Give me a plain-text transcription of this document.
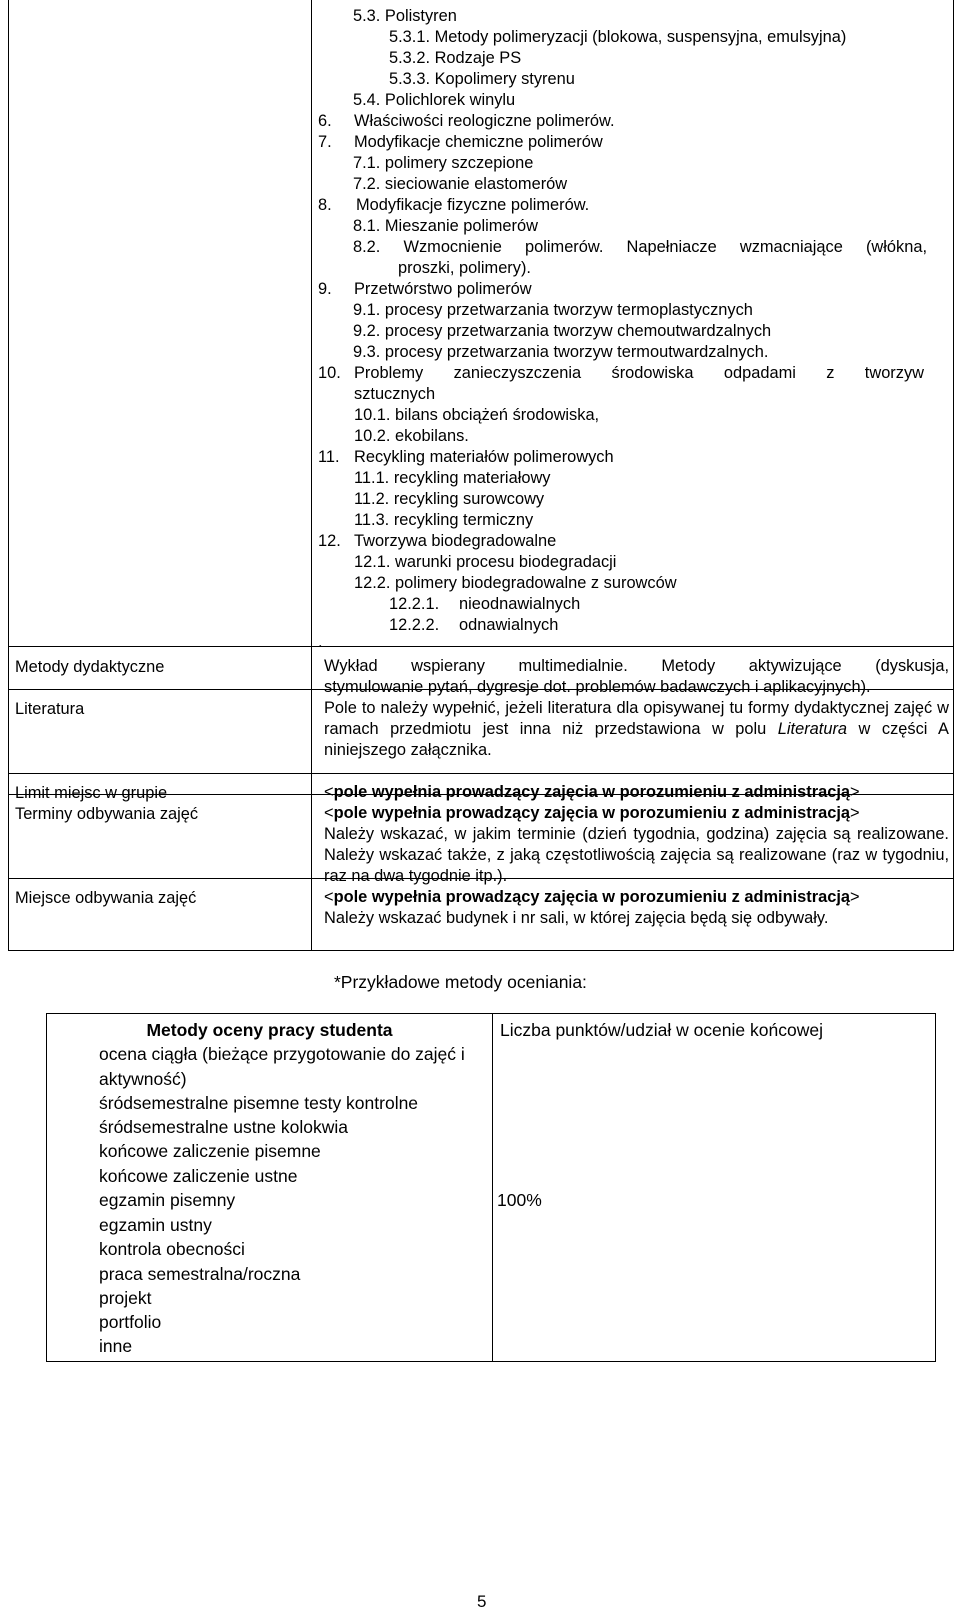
5.3. Polistyren
5.3.1. Metody polimeryzacji (blokowa, suspensyjna, emulsyjna)
5.3.2. Rodzaje PS
5.3.3. Kopolimery styrenu
5.4. Polichlorek winylu
6. Właściwości reologiczne polimerów.
7. Modyfikacje chemiczne polimerów
7.1. polimery szczepione
7.2. sieciowanie elastomerów
8. Modyfikacje fizyczne polimerów.
8.1. Mieszanie polimerów
8.2. Wzmocnienie polimerów. Napełniacze wzmacniające (włókna,
proszki, polimery).
9. Przetwórstwo polimerów
9.1. procesy przetwarzania tworzyw termoplastycznych
9.2. procesy przetwarzania tworzyw chemoutwardzalnych
9.3. procesy przetwarzania tworzyw termoutwardzalnych.
10. Problemy zanieczyszczenia środowiska odpadami z tworzyw
sztucznych
10.1. bilans obciążeń środowiska,
10.2. ekobilans.
11. Recykling materiałów polimerowych
11.1. recykling materiałowy
11.2. recykling surowcowy
11.3. recykling termiczny
12. Tworzywa biodegradowalne
12.1. warunki procesu biodegradacji
12.2. polimery biodegradowalne z surowców
12.2.1. nieodnawialnych
12.2.2. odnawialnych
.
Metody dydaktyczne	Wykład wspierany multimedialnie. Metody aktywizujące (dyskusja,

stymulowanie pytań, dygresje dot. problemów badawczych i aplikacyjnych).

Literatura	Pole to należy wypełnić, jeżeli literatura dla opisywanej tu formy dydaktycznej zajęć w ramach przedmiotu jest inna niż przedstawiona w polu Literatura w części A niniejszego załącznika.

Limit miejsc w grupie	<pole wypełnia prowadzący zajęcia w porozumieniu z administracją>

Terminy odbywania zajęć	<pole wypełnia prowadzący zajęcia w porozumieniu z administracją>

Należy wskazać, w jakim terminie (dzień tygodnia, godzina) zajęcia są realizowane. Należy wskazać także, z jaką częstotliwością zajęcia są realizowane (raz w tygodniu, raz na dwa tygodnie itp.).

Miejsce odbywania zajęć	<pole wypełnia prowadzący zajęcia w porozumieniu z administracją>

Należy wskazać budynek i nr sali, w której zajęcia będą się odbywały.

*Przykładowe metody oceniania:
Metody oceny pracy studenta	Liczba punktów/udział w ocenie końcowej
ocena ciągła (bieżące przygotowanie do zajęć i aktywność)
śródsemestralne pisemne testy kontrolne
śródsemestralne ustne kolokwia
końcowe zaliczenie pisemne
końcowe zaliczenie ustne
egzamin pisemny	100%
egzamin ustny
kontrola obecności
praca semestralna/roczna
projekt
portfolio
inne
5
